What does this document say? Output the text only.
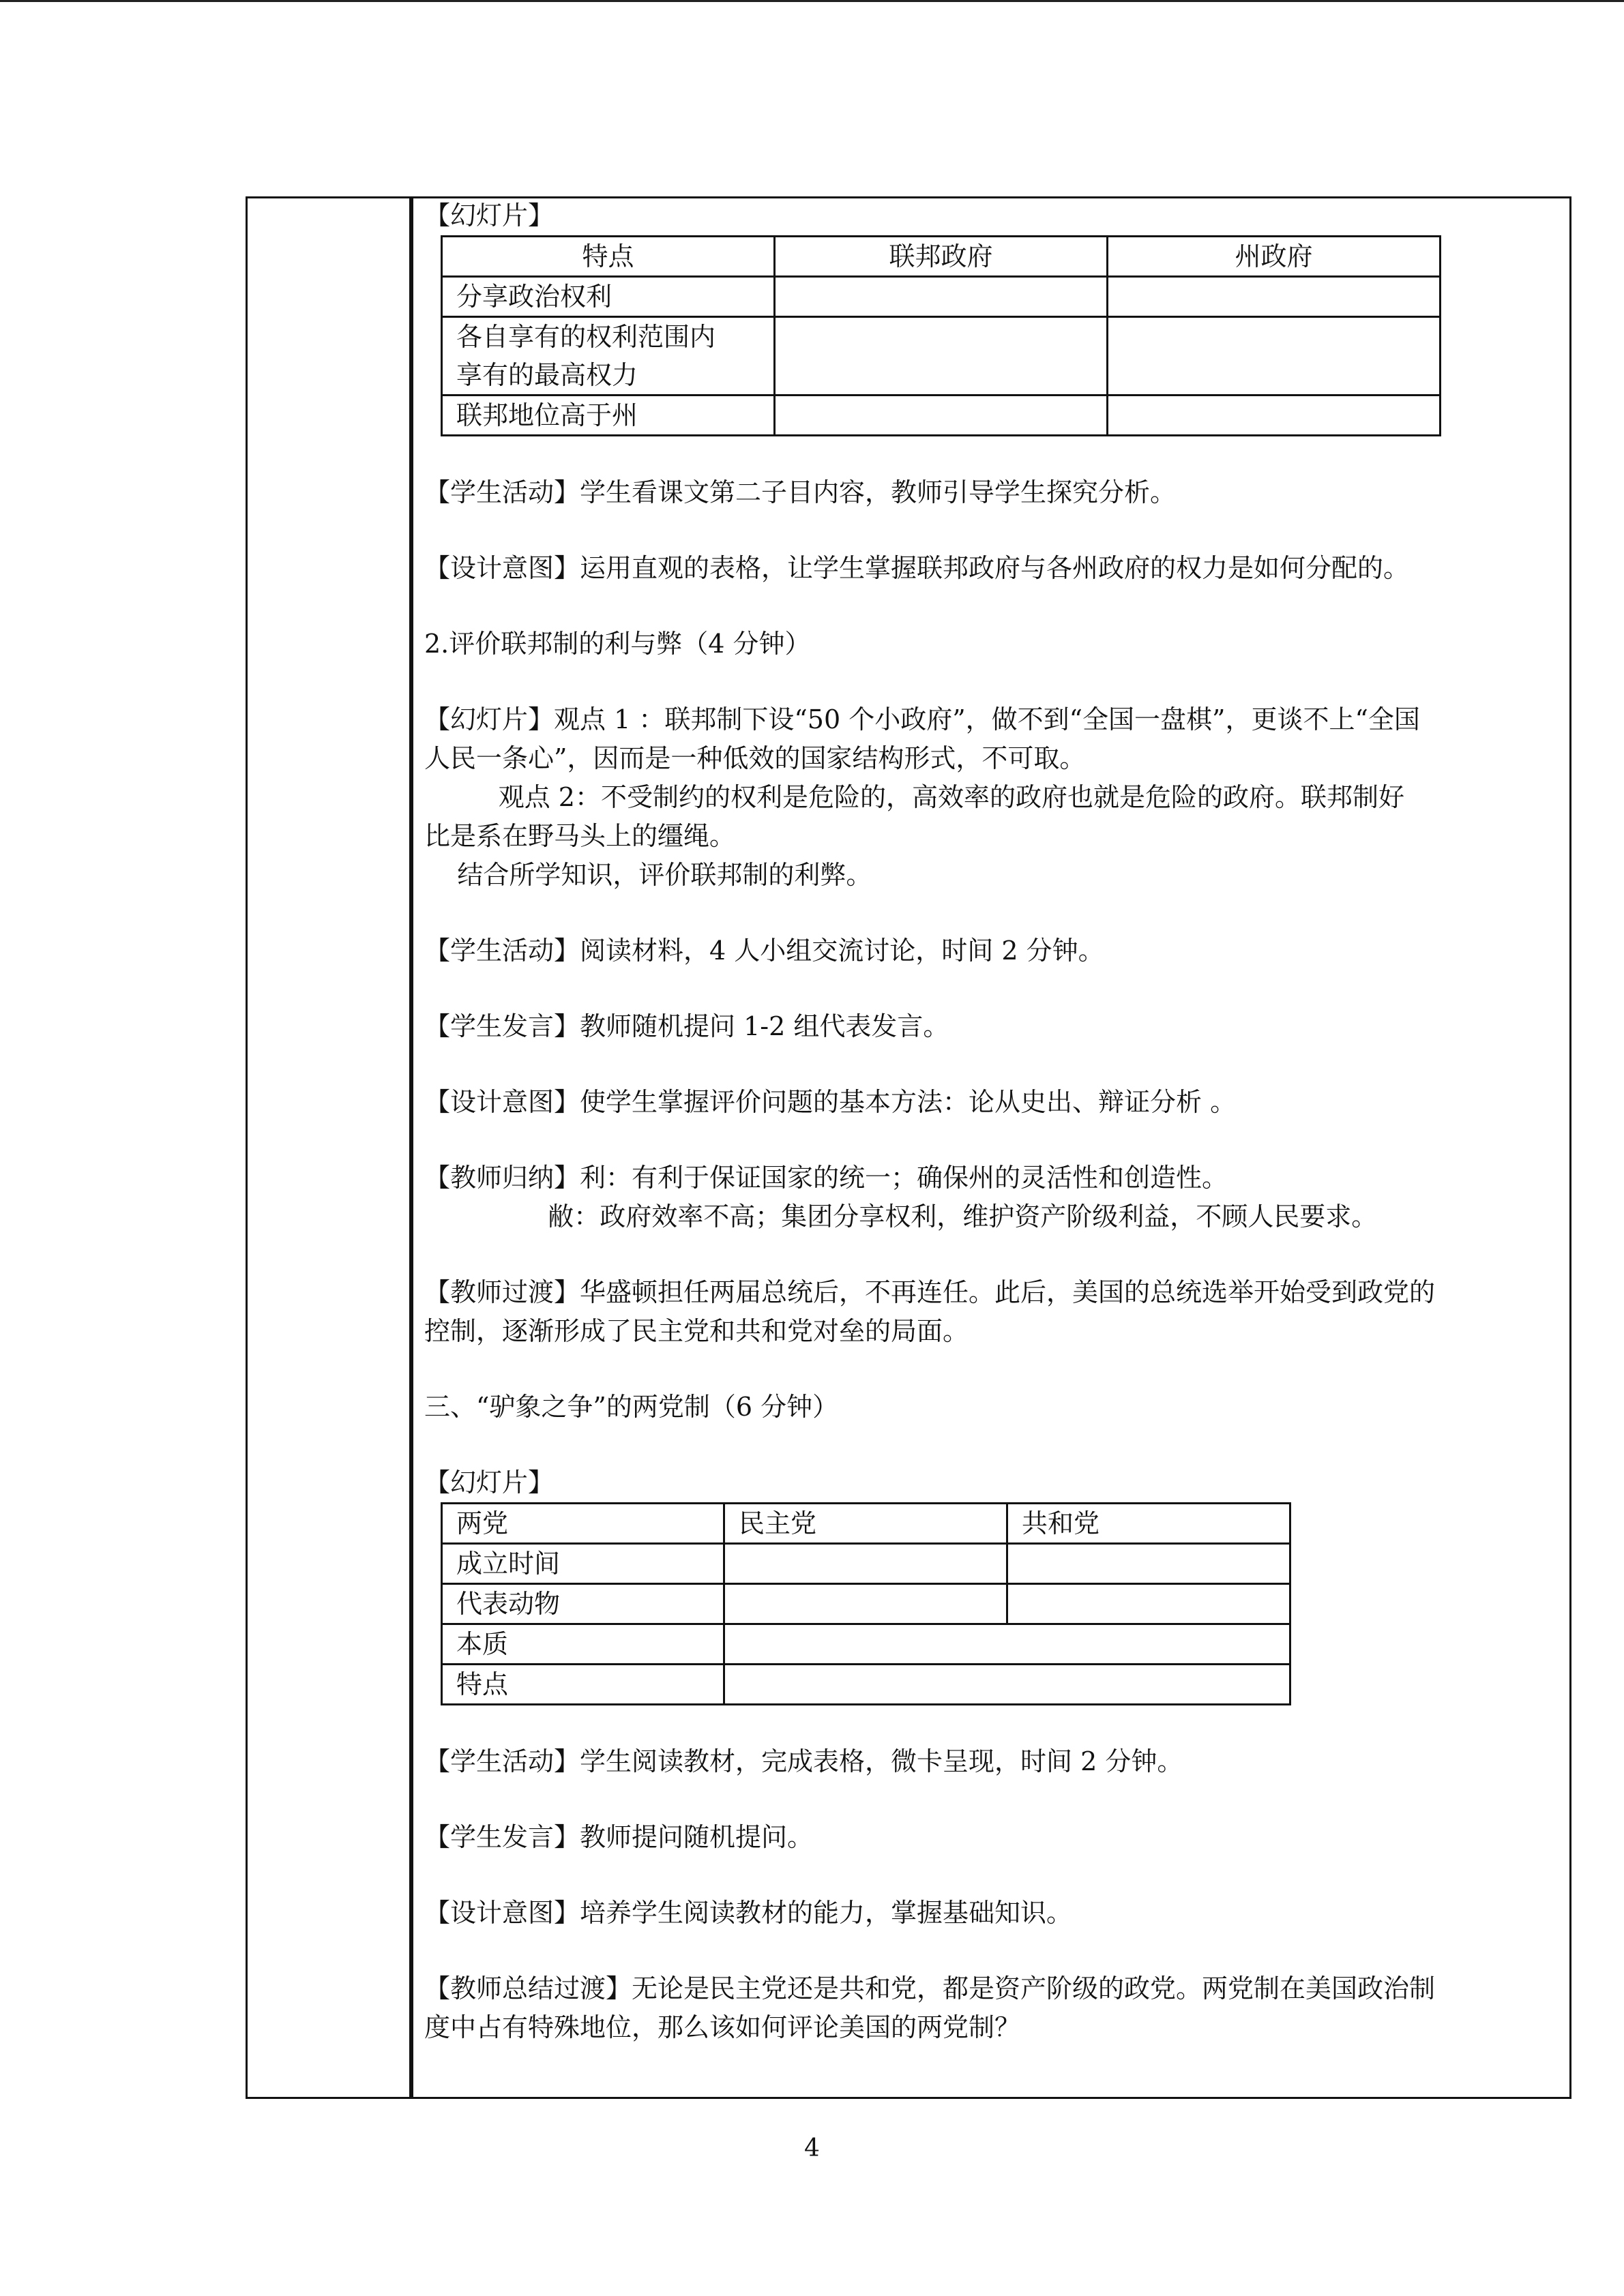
【幻灯片】

特点	联邦政府	州政府
分享政治权利		
各自享有的权利范围内
享有的最高权力		
联邦地位高于州		

【学生活动】学生看课文第二子目内容，教师引导学生探究分析。

【设计意图】运用直观的表格，让学生掌握联邦政府与各州政府的权力是如何分配的。

2.评价联邦制的利与弊（4 分钟）

【幻灯片】观点 1 ：联邦制下设“50 个小政府”，做不到“全国一盘棋”，更谈不上“全国

人民一条心”，因而是一种低效的国家结构形式，不可取。

观点 2：不受制约的权利是危险的，高效率的政府也就是危险的政府。联邦制好

比是系在野马头上的缰绳。

结合所学知识，评价联邦制的利弊。

【学生活动】阅读材料，4 人小组交流讨论，时间 2 分钟。

【学生发言】教师随机提问 1-2 组代表发言。

【设计意图】使学生掌握评价问题的基本方法：论从史出、辩证分析 。

【教师归纳】利：有利于保证国家的统一；确保州的灵活性和创造性。

敝：政府效率不高；集团分享权利，维护资产阶级利益，不顾人民要求。

【教师过渡】华盛顿担任两届总统后，不再连任。此后，美国的总统选举开始受到政党的

控制，逐渐形成了民主党和共和党对垒的局面。

三、“驴象之争”的两党制（6 分钟）

【幻灯片】

两党	民主党	共和党
成立时间		
代表动物		
本质		
特点		

【学生活动】学生阅读教材，完成表格，微卡呈现，时间 2 分钟。

【学生发言】教师提问随机提问。

【设计意图】培养学生阅读教材的能力，掌握基础知识。

【教师总结过渡】无论是民主党还是共和党，都是资产阶级的政党。两党制在美国政治制

度中占有特殊地位，那么该如何评论美国的两党制？

4
